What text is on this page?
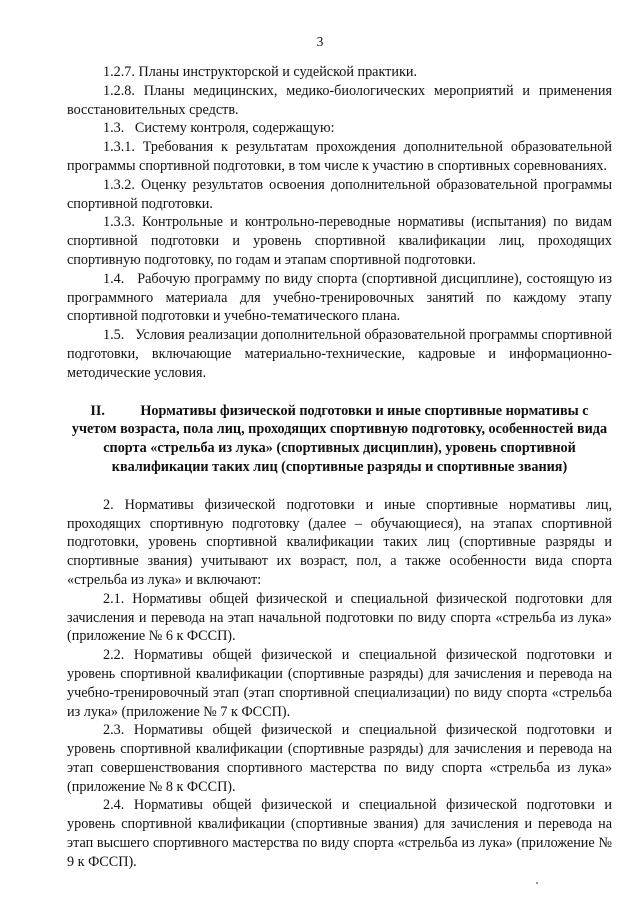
3

1.2.7. Планы инструкторской и судейской практики.

1.2.8. Планы медицинских, медико-биологических мероприятий и применения восстановительных средств.

1.3.   Систему контроля, содержащую:

1.3.1. Требования к результатам прохождения дополнительной образовательной программы спортивной подготовки, в том числе к участию в спортивных соревнованиях.

1.3.2. Оценку результатов освоения дополнительной образовательной программы спортивной подготовки.

1.3.3. Контрольные и контрольно-переводные нормативы (испытания) по видам спортивной подготовки и уровень спортивной квалификации лиц, проходящих спортивную подготовку, по годам и этапам спортивной подготовки.

1.4.   Рабочую программу по виду спорта (спортивной дисциплине), состоящую из программного материала для учебно-тренировочных занятий по каждому этапу спортивной подготовки и учебно-тематического плана.

1.5.   Условия реализации дополнительной образовательной программы спортивной подготовки, включающие материально-технические, кадровые и информационно-методические условия.

II. Нормативы физической подготовки и иные спортивные нормативы с учетом возраста, пола лиц, проходящих спортивную подготовку, особенностей вида спорта «стрельба из лука» (спортивных дисциплин), уровень спортивной квалификации таких лиц (спортивные разряды и спортивные звания)

2. Нормативы физической подготовки и иные спортивные нормативы лиц, проходящих спортивную подготовку (далее – обучающиеся), на этапах спортивной подготовки, уровень спортивной квалификации таких лиц (спортивные разряды и спортивные звания) учитывают их возраст, пол, а также особенности вида спорта «стрельба из лука» и включают:

2.1. Нормативы общей физической и специальной физической подготовки для зачисления и перевода на этап начальной подготовки по виду спорта «стрельба из лука» (приложение № 6 к ФССП).

2.2. Нормативы общей физической и специальной физической подготовки и уровень спортивной квалификации (спортивные разряды) для зачисления и перевода на учебно-тренировочный этап (этап спортивной специализации) по виду спорта «стрельба из лука» (приложение № 7 к ФССП).

2.3. Нормативы общей физической и специальной физической подготовки и уровень спортивной квалификации (спортивные разряды) для зачисления и перевода на этап совершенствования спортивного мастерства по виду спорта «стрельба из лука» (приложение № 8 к ФССП).

2.4. Нормативы общей физической и специальной физической подготовки и уровень спортивной квалификации (спортивные звания) для зачисления и перевода на этап высшего спортивного мастерства по виду спорта «стрельба из лука» (приложение № 9 к ФССП).
